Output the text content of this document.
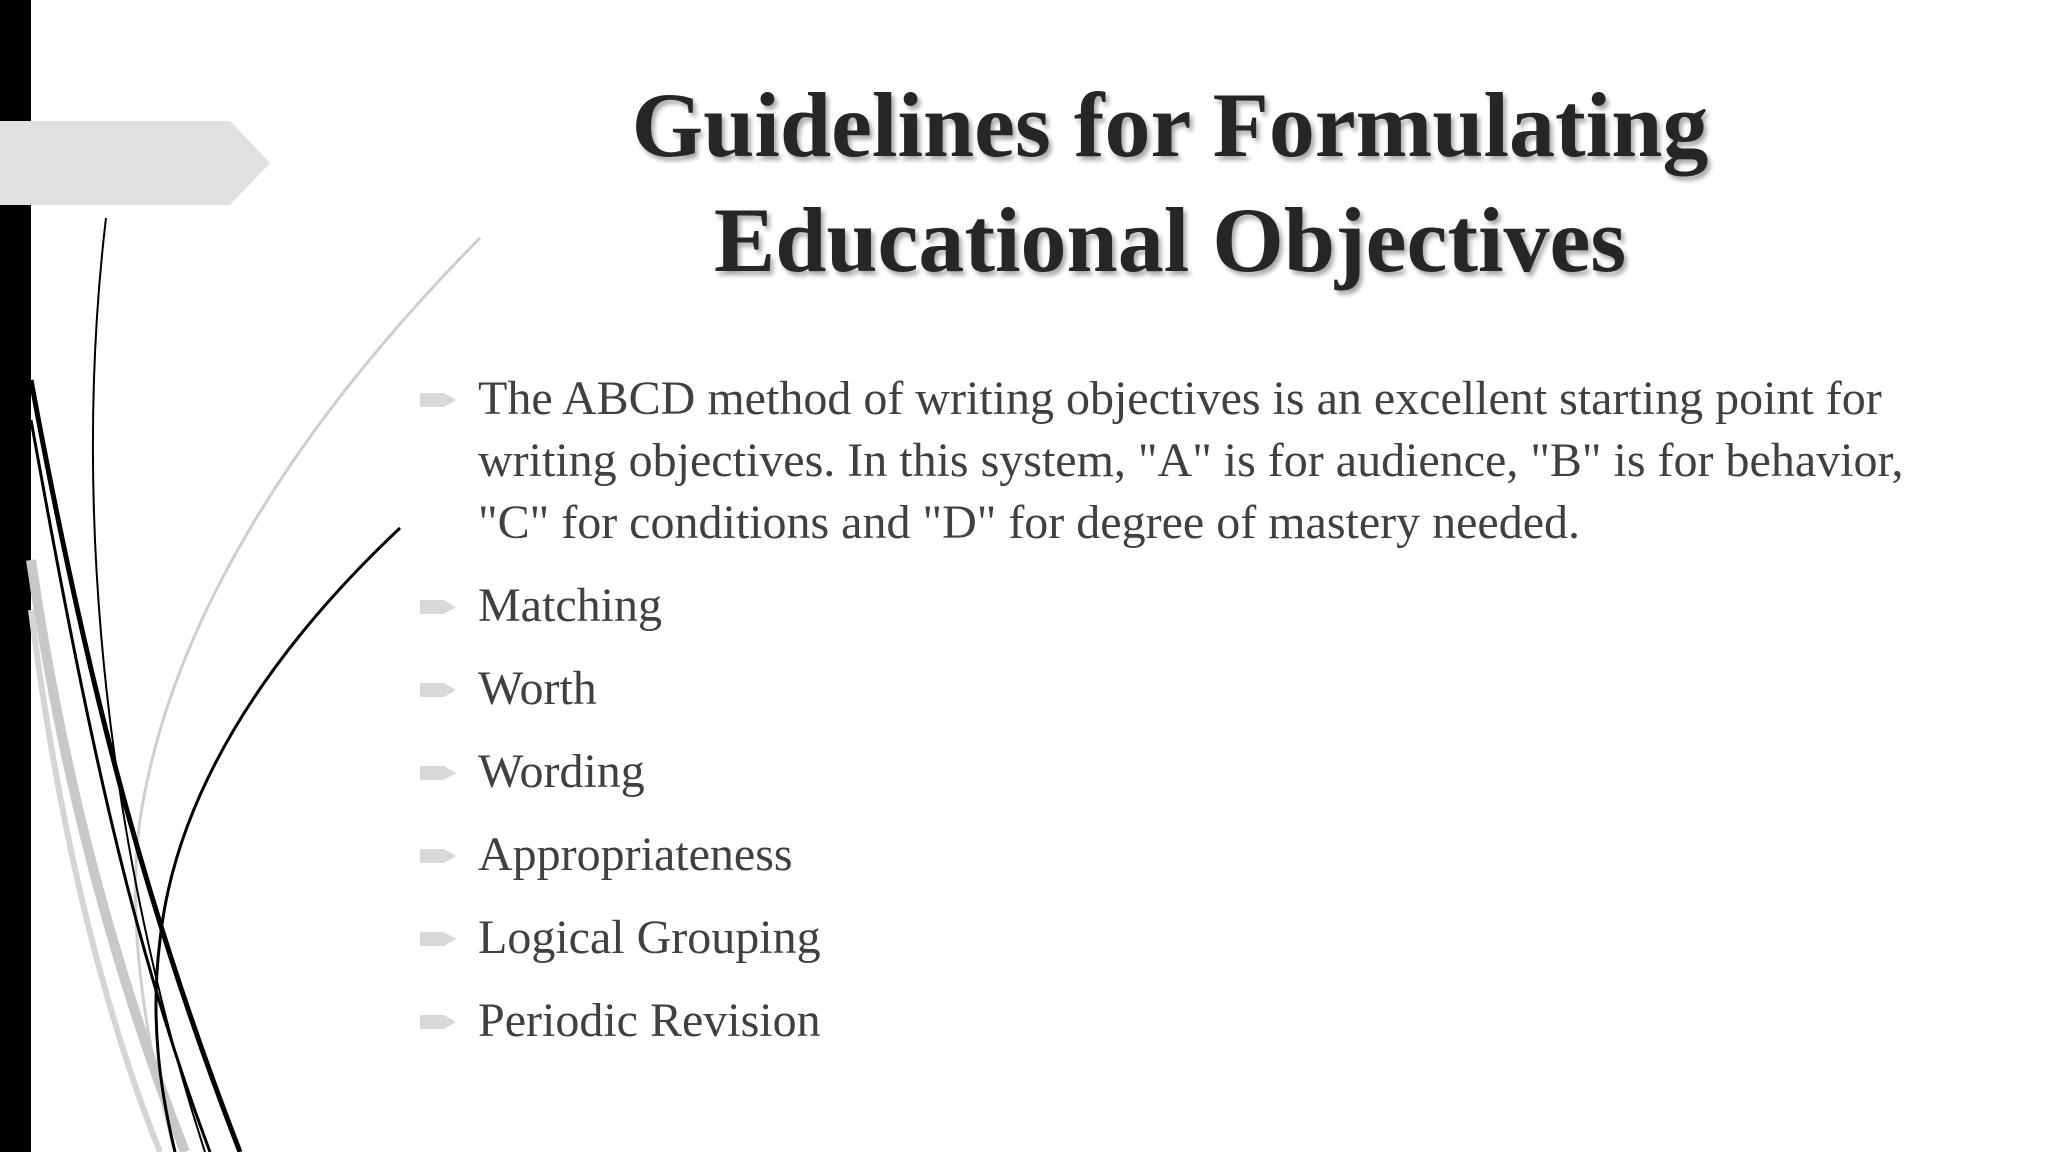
Guidelines for Formulating
Educational Objectives
The ABCD method of writing objectives is an excellent starting point for writing objectives. In this system, "A" is for audience, "B" is for behavior, "C" for conditions and "D" for degree of mastery needed.
Matching
Worth
Wording
Appropriateness
Logical Grouping
Periodic Revision
